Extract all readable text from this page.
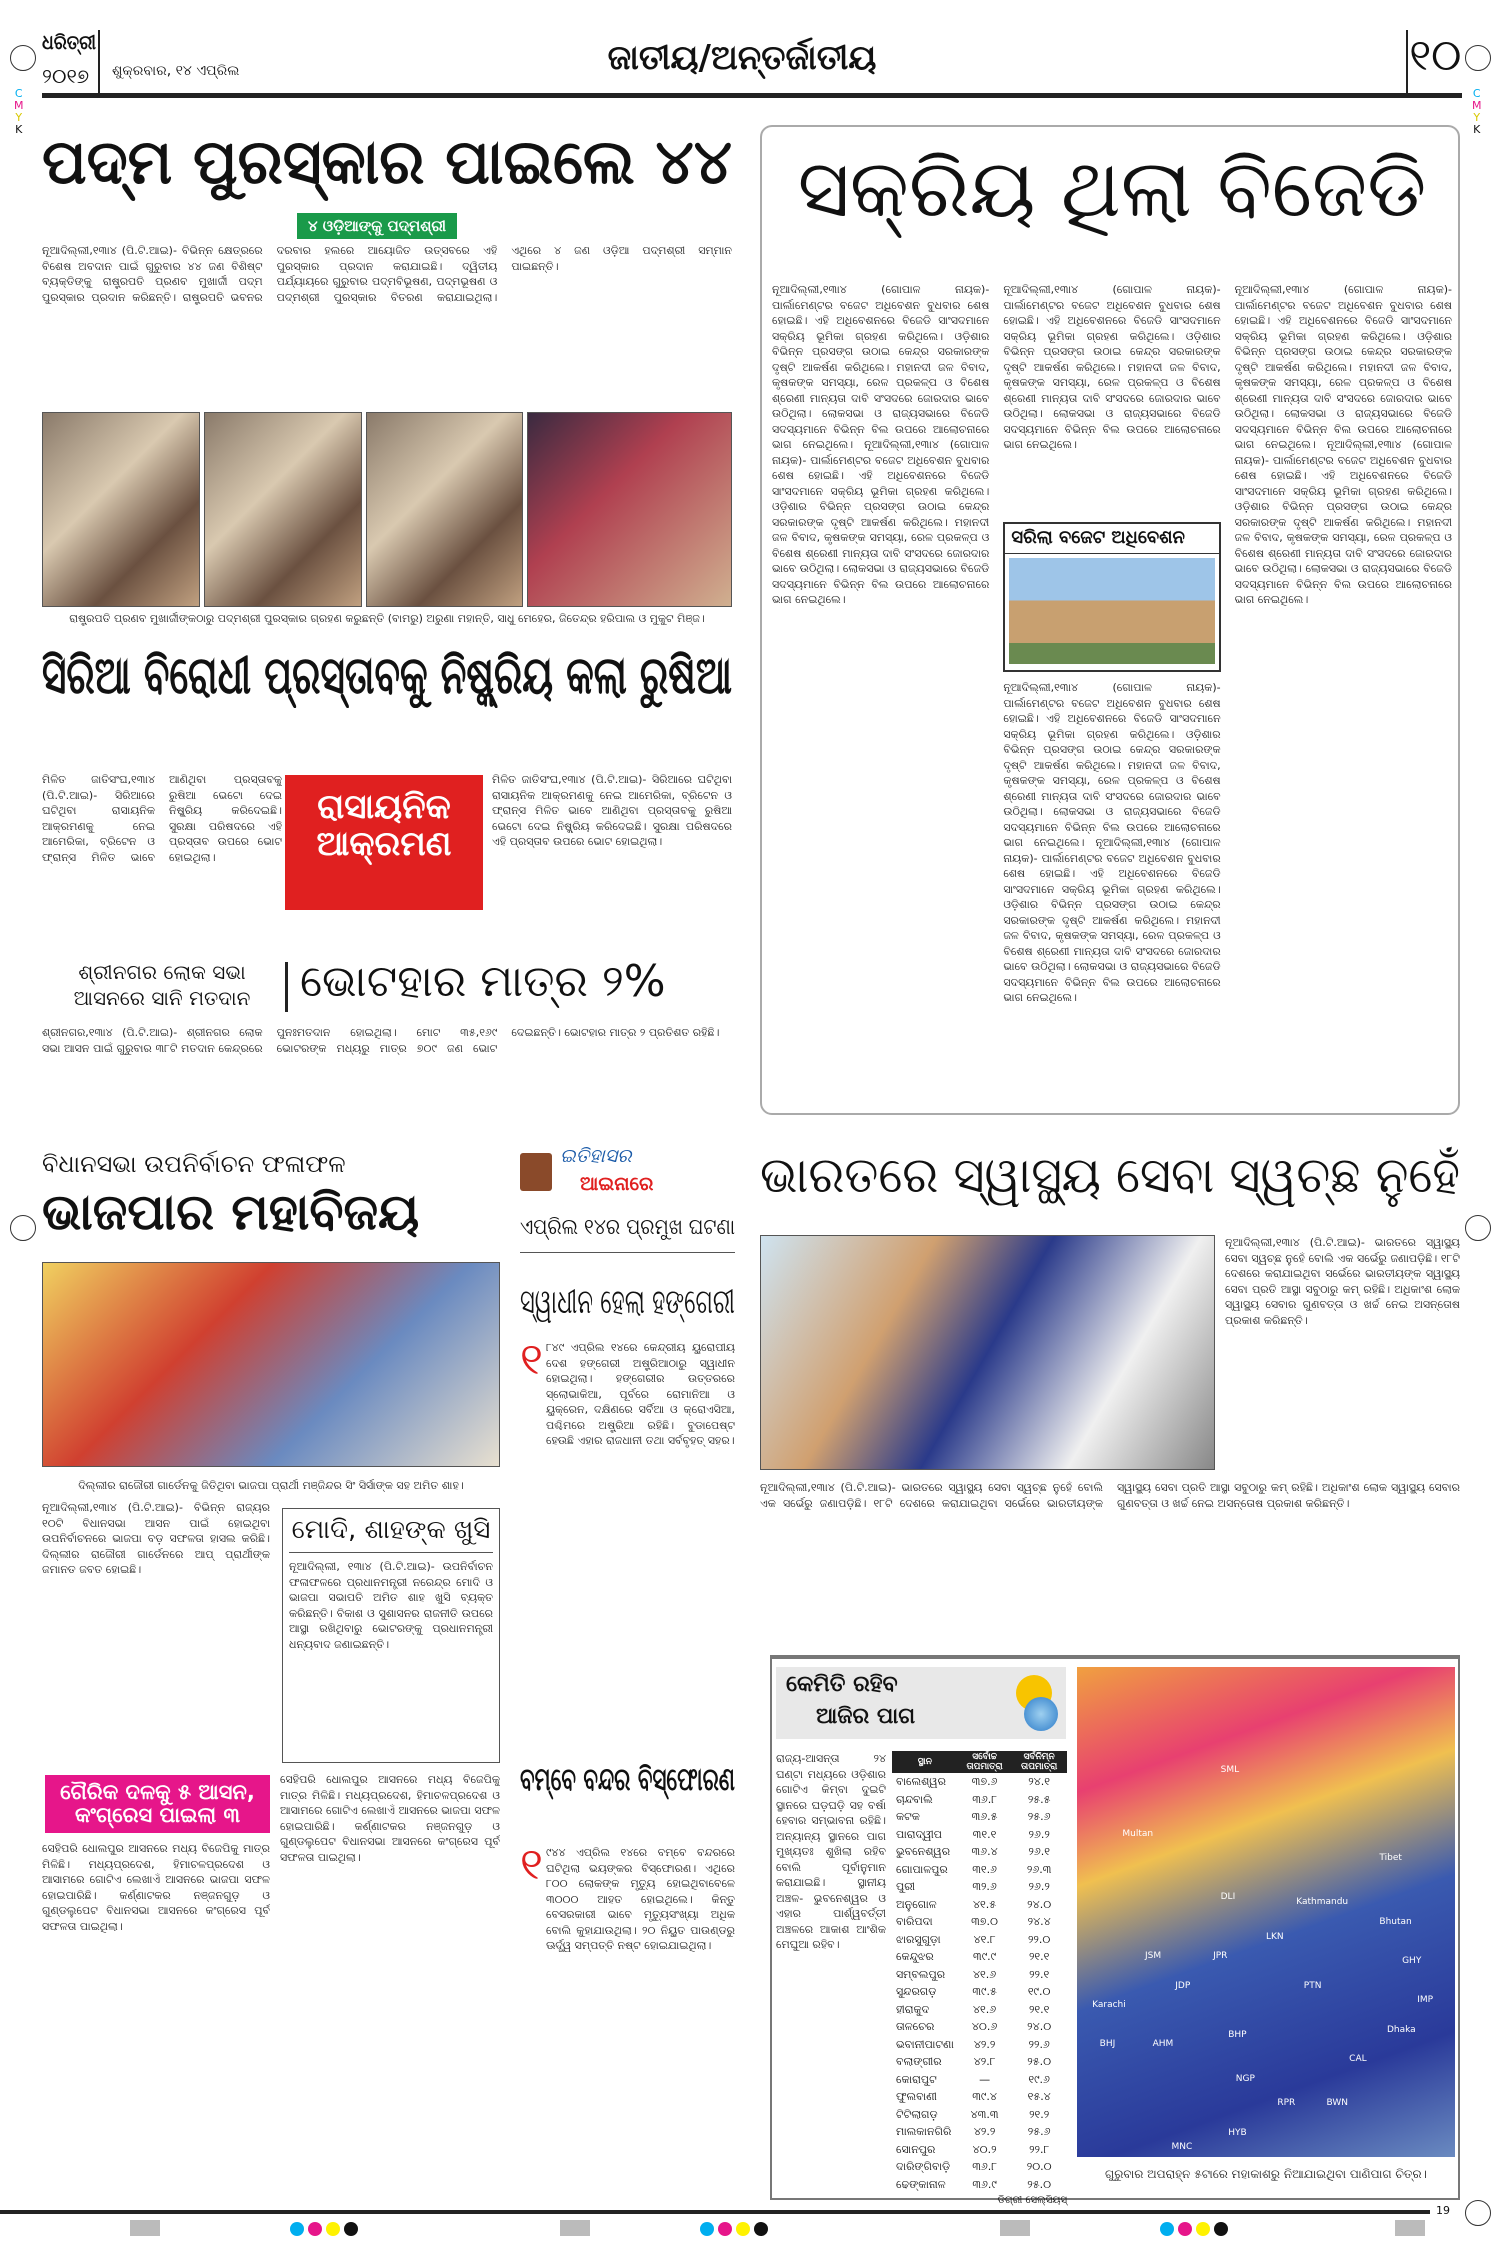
C
M
Y
K
C
M
Y
K
ଧରିତ୍ରୀ
୨୦୧୭	ଶୁକ୍ରବାର, ୧୪ ଏପ୍ରିଲ	ଜାତୀୟ/ଅନ୍ତର୍ଜାତୀୟ	୧୦
ପଦ୍ମ ପୁରସ୍କାର ପାଇଲେ ୪୪
୪ ଓଡ଼ିଆଙ୍କୁ ପଦ୍ମଶ୍ରୀ
ନୂଆଦିଲ୍ଲୀ,୧୩ା୪ (ପି.ଟି.ଆଇ)- ବିଭିନ୍ନ କ୍ଷେତ୍ରରେ ବିଶେଷ ଅବଦାନ ପାଇଁ ଗୁରୁବାର ୪୪ ଜଣ ବିଶିଷ୍ଟ ବ୍ୟକ୍ତିଙ୍କୁ ରାଷ୍ଟ୍ରପତି ପ୍ରଣବ ମୁଖାର୍ଜୀ ପଦ୍ମ ପୁରସ୍କାର ପ୍ରଦାନ କରିଛନ୍ତି। ରାଷ୍ଟ୍ରପତି ଭବନର ଦରବାର ହଲରେ ଆୟୋଜିତ ଉତ୍ସବରେ ଏହି ପୁରସ୍କାର ପ୍ରଦାନ କରାଯାଇଛି। ଦ୍ୱିତୀୟ ପର୍ଯ୍ୟାୟରେ ଗୁରୁବାର ପଦ୍ମବିଭୂଷଣ, ପଦ୍ମଭୂଷଣ ଓ ପଦ୍ମଶ୍ରୀ ପୁରସ୍କାର ବିତରଣ କରାଯାଇଥିଲା। ଏଥିରେ ୪ ଜଣ ଓଡ଼ିଆ ପଦ୍ମଶ୍ରୀ ସମ୍ମାନ ପାଇଛନ୍ତି।
ରାଷ୍ଟ୍ରପତି ପ୍ରଣବ ମୁଖାର୍ଜୀଙ୍କଠାରୁ ପଦ୍ମଶ୍ରୀ ପୁରସ୍କାର ଗ୍ରହଣ କରୁଛନ୍ତି (ବାମରୁ) ଅରୁଣା ମହାନ୍ତି, ସାଧୁ ମେହେର, ଜିତେନ୍ଦ୍ର ହରିପାଲ ଓ ମୁକୁଟ ମିଞ୍ଜ।
ସିରିଆ ବିରୋଧୀ ପ୍ରସ୍ତାବକୁ ନିଷ୍କ୍ରିୟ କଲା ରୁଷିଆ
ମିଳିତ ଜାତିସଂଘ,୧୩ା୪ (ପି.ଟି.ଆଇ)- ସିରିଆରେ ଘଟିଥିବା ରାସାୟନିକ ଆକ୍ରମଣକୁ ନେଇ ଆମେରିକା, ବ୍ରିଟେନ ଓ ଫ୍ରାନ୍ସ ମିଳିତ ଭାବେ ଆଣିଥିବା ପ୍ରସ୍ତାବକୁ ରୁଷିଆ ଭେଟୋ ଦେଇ ନିଷ୍କ୍ରିୟ କରିଦେଇଛି। ସୁରକ୍ଷା ପରିଷଦରେ ଏହି ପ୍ରସ୍ତାବ ଉପରେ ଭୋଟ ହୋଇଥିଲା।
ରାସାୟନିକ ଆକ୍ରମଣ
ମିଳିତ ଜାତିସଂଘ,୧୩ା୪ (ପି.ଟି.ଆଇ)- ସିରିଆରେ ଘଟିଥିବା ରାସାୟନିକ ଆକ୍ରମଣକୁ ନେଇ ଆମେରିକା, ବ୍ରିଟେନ ଓ ଫ୍ରାନ୍ସ ମିଳିତ ଭାବେ ଆଣିଥିବା ପ୍ରସ୍ତାବକୁ ରୁଷିଆ ଭେଟୋ ଦେଇ ନିଷ୍କ୍ରିୟ କରିଦେଇଛି। ସୁରକ୍ଷା ପରିଷଦରେ ଏହି ପ୍ରସ୍ତାବ ଉପରେ ଭୋଟ ହୋଇଥିଲା।
ଶ୍ରୀନଗର ଲୋକ ସଭା
ଆସନରେ ସାନି ମତଦାନ	ଭୋଟହାର ମାତ୍ର ୨%
ଶ୍ରୀନଗର,୧୩ା୪ (ପି.ଟି.ଆଇ)- ଶ୍ରୀନଗର ଲୋକ ସଭା ଆସନ ପାଇଁ ଗୁରୁବାର ୩୮ଟି ମତଦାନ କେନ୍ଦ୍ରରେ ପୁନଃମତଦାନ ହୋଇଥିଲା। ମୋଟ ୩୫,୧୬୯ ଭୋଟରଙ୍କ ମଧ୍ୟରୁ ମାତ୍ର ୭୦୯ ଜଣ ଭୋଟ ଦେଇଛନ୍ତି। ଭୋଟହାର ମାତ୍ର ୨ ପ୍ରତିଶତ ରହିଛି।
ସକ୍ରିୟ ଥିଲା ବିଜେଡି
ନୂଆଦିଲ୍ଲୀ,୧୩ା୪ (ଗୋପାଳ ନାୟକ)- ପାର୍ଲାମେଣ୍ଟର ବଜେଟ ଅଧିବେଶନ ବୁଧବାର ଶେଷ ହୋଇଛି। ଏହି ଅଧିବେଶନରେ ବିଜେଡି ସାଂସଦମାନେ ସକ୍ରିୟ ଭୂମିକା ଗ୍ରହଣ କରିଥିଲେ। ଓଡ଼ିଶାର ବିଭିନ୍ନ ପ୍ରସଙ୍ଗ ଉଠାଇ କେନ୍ଦ୍ର ସରକାରଙ୍କ ଦୃଷ୍ଟି ଆକର୍ଷଣ କରିଥିଲେ। ମହାନଦୀ ଜଳ ବିବାଦ, କୃଷକଙ୍କ ସମସ୍ୟା, ରେଳ ପ୍ରକଳ୍ପ ଓ ବିଶେଷ ଶ୍ରେଣୀ ମାନ୍ୟତା ଦାବି ସଂସଦରେ ଜୋରଦାର ଭାବେ ଉଠିଥିଲା। ଲୋକସଭା ଓ ରାଜ୍ୟସଭାରେ ବିଜେଡି ସଦସ୍ୟମାନେ ବିଭିନ୍ନ ବିଲ ଉପରେ ଆଲୋଚନାରେ ଭାଗ ନେଇଥିଲେ। ନୂଆଦିଲ୍ଲୀ,୧୩ା୪ (ଗୋପାଳ ନାୟକ)- ପାର୍ଲାମେଣ୍ଟର ବଜେଟ ଅଧିବେଶନ ବୁଧବାର ଶେଷ ହୋଇଛି। ଏହି ଅଧିବେଶନରେ ବିଜେଡି ସାଂସଦମାନେ ସକ୍ରିୟ ଭୂମିକା ଗ୍ରହଣ କରିଥିଲେ। ଓଡ଼ିଶାର ବିଭିନ୍ନ ପ୍ରସଙ୍ଗ ଉଠାଇ କେନ୍ଦ୍ର ସରକାରଙ୍କ ଦୃଷ୍ଟି ଆକର୍ଷଣ କରିଥିଲେ। ମହାନଦୀ ଜଳ ବିବାଦ, କୃଷକଙ୍କ ସମସ୍ୟା, ରେଳ ପ୍ରକଳ୍ପ ଓ ବିଶେଷ ଶ୍ରେଣୀ ମାନ୍ୟତା ଦାବି ସଂସଦରେ ଜୋରଦାର ଭାବେ ଉଠିଥିଲା। ଲୋକସଭା ଓ ରାଜ୍ୟସଭାରେ ବିଜେଡି ସଦସ୍ୟମାନେ ବିଭିନ୍ନ ବିଲ ଉପରେ ଆଲୋଚନାରେ ଭାଗ ନେଇଥିଲେ।
ନୂଆଦିଲ୍ଲୀ,୧୩ା୪ (ଗୋପାଳ ନାୟକ)- ପାର୍ଲାମେଣ୍ଟର ବଜେଟ ଅଧିବେଶନ ବୁଧବାର ଶେଷ ହୋଇଛି। ଏହି ଅଧିବେଶନରେ ବିଜେଡି ସାଂସଦମାନେ ସକ୍ରିୟ ଭୂମିକା ଗ୍ରହଣ କରିଥିଲେ। ଓଡ଼ିଶାର ବିଭିନ୍ନ ପ୍ରସଙ୍ଗ ଉଠାଇ କେନ୍ଦ୍ର ସରକାରଙ୍କ ଦୃଷ୍ଟି ଆକର୍ଷଣ କରିଥିଲେ। ମହାନଦୀ ଜଳ ବିବାଦ, କୃଷକଙ୍କ ସମସ୍ୟା, ରେଳ ପ୍ରକଳ୍ପ ଓ ବିଶେଷ ଶ୍ରେଣୀ ମାନ୍ୟତା ଦାବି ସଂସଦରେ ଜୋରଦାର ଭାବେ ଉଠିଥିଲା। ଲୋକସଭା ଓ ରାଜ୍ୟସଭାରେ ବିଜେଡି ସଦସ୍ୟମାନେ ବିଭିନ୍ନ ବିଲ ଉପରେ ଆଲୋଚନାରେ ଭାଗ ନେଇଥିଲେ।
ସରିଲା ବଜେଟ ଅଧିବେଶନ
ନୂଆଦିଲ୍ଲୀ,୧୩ା୪ (ଗୋପାଳ ନାୟକ)- ପାର୍ଲାମେଣ୍ଟର ବଜେଟ ଅଧିବେଶନ ବୁଧବାର ଶେଷ ହୋଇଛି। ଏହି ଅଧିବେଶନରେ ବିଜେଡି ସାଂସଦମାନେ ସକ୍ରିୟ ଭୂମିକା ଗ୍ରହଣ କରିଥିଲେ। ଓଡ଼ିଶାର ବିଭିନ୍ନ ପ୍ରସଙ୍ଗ ଉଠାଇ କେନ୍ଦ୍ର ସରକାରଙ୍କ ଦୃଷ୍ଟି ଆକର୍ଷଣ କରିଥିଲେ। ମହାନଦୀ ଜଳ ବିବାଦ, କୃଷକଙ୍କ ସମସ୍ୟା, ରେଳ ପ୍ରକଳ୍ପ ଓ ବିଶେଷ ଶ୍ରେଣୀ ମାନ୍ୟତା ଦାବି ସଂସଦରେ ଜୋରଦାର ଭାବେ ଉଠିଥିଲା। ଲୋକସଭା ଓ ରାଜ୍ୟସଭାରେ ବିଜେଡି ସଦସ୍ୟମାନେ ବିଭିନ୍ନ ବିଲ ଉପରେ ଆଲୋଚନାରେ ଭାଗ ନେଇଥିଲେ। ନୂଆଦିଲ୍ଲୀ,୧୩ା୪ (ଗୋପାଳ ନାୟକ)- ପାର୍ଲାମେଣ୍ଟର ବଜେଟ ଅଧିବେଶନ ବୁଧବାର ଶେଷ ହୋଇଛି। ଏହି ଅଧିବେଶନରେ ବିଜେଡି ସାଂସଦମାନେ ସକ୍ରିୟ ଭୂମିକା ଗ୍ରହଣ କରିଥିଲେ। ଓଡ଼ିଶାର ବିଭିନ୍ନ ପ୍ରସଙ୍ଗ ଉଠାଇ କେନ୍ଦ୍ର ସରକାରଙ୍କ ଦୃଷ୍ଟି ଆକର୍ଷଣ କରିଥିଲେ। ମହାନଦୀ ଜଳ ବିବାଦ, କୃଷକଙ୍କ ସମସ୍ୟା, ରେଳ ପ୍ରକଳ୍ପ ଓ ବିଶେଷ ଶ୍ରେଣୀ ମାନ୍ୟତା ଦାବି ସଂସଦରେ ଜୋରଦାର ଭାବେ ଉଠିଥିଲା। ଲୋକସଭା ଓ ରାଜ୍ୟସଭାରେ ବିଜେଡି ସଦସ୍ୟମାନେ ବିଭିନ୍ନ ବିଲ ଉପରେ ଆଲୋଚନାରେ ଭାଗ ନେଇଥିଲେ।
ନୂଆଦିଲ୍ଲୀ,୧୩ା୪ (ଗୋପାଳ ନାୟକ)- ପାର୍ଲାମେଣ୍ଟର ବଜେଟ ଅଧିବେଶନ ବୁଧବାର ଶେଷ ହୋଇଛି। ଏହି ଅଧିବେଶନରେ ବିଜେଡି ସାଂସଦମାନେ ସକ୍ରିୟ ଭୂମିକା ଗ୍ରହଣ କରିଥିଲେ। ଓଡ଼ିଶାର ବିଭିନ୍ନ ପ୍ରସଙ୍ଗ ଉଠାଇ କେନ୍ଦ୍ର ସରକାରଙ୍କ ଦୃଷ୍ଟି ଆକର୍ଷଣ କରିଥିଲେ। ମହାନଦୀ ଜଳ ବିବାଦ, କୃଷକଙ୍କ ସମସ୍ୟା, ରେଳ ପ୍ରକଳ୍ପ ଓ ବିଶେଷ ଶ୍ରେଣୀ ମାନ୍ୟତା ଦାବି ସଂସଦରେ ଜୋରଦାର ଭାବେ ଉଠିଥିଲା। ଲୋକସଭା ଓ ରାଜ୍ୟସଭାରେ ବିଜେଡି ସଦସ୍ୟମାନେ ବିଭିନ୍ନ ବିଲ ଉପରେ ଆଲୋଚନାରେ ଭାଗ ନେଇଥିଲେ। ନୂଆଦିଲ୍ଲୀ,୧୩ା୪ (ଗୋପାଳ ନାୟକ)- ପାର୍ଲାମେଣ୍ଟର ବଜେଟ ଅଧିବେଶନ ବୁଧବାର ଶେଷ ହୋଇଛି। ଏହି ଅଧିବେଶନରେ ବିଜେଡି ସାଂସଦମାନେ ସକ୍ରିୟ ଭୂମିକା ଗ୍ରହଣ କରିଥିଲେ। ଓଡ଼ିଶାର ବିଭିନ୍ନ ପ୍ରସଙ୍ଗ ଉଠାଇ କେନ୍ଦ୍ର ସରକାରଙ୍କ ଦୃଷ୍ଟି ଆକର୍ଷଣ କରିଥିଲେ। ମହାନଦୀ ଜଳ ବିବାଦ, କୃଷକଙ୍କ ସମସ୍ୟା, ରେଳ ପ୍ରକଳ୍ପ ଓ ବିଶେଷ ଶ୍ରେଣୀ ମାନ୍ୟତା ଦାବି ସଂସଦରେ ଜୋରଦାର ଭାବେ ଉଠିଥିଲା। ଲୋକସଭା ଓ ରାଜ୍ୟସଭାରେ ବିଜେଡି ସଦସ୍ୟମାନେ ବିଭିନ୍ନ ବିଲ ଉପରେ ଆଲୋଚନାରେ ଭାଗ ନେଇଥିଲେ।
ବିଧାନସଭା ଉପନିର୍ବାଚନ ଫଳାଫଳ
ଭାଜପାର ମହାବିଜୟ
ଦିଲ୍ଲୀର ରାଜୌରୀ ଗାର୍ଡେନକୁ ଜିତିଥିବା ଭାଜପା ପ୍ରାର୍ଥୀ ମଞ୍ଜିନ୍ଦର ସିଂ ସିର୍ସାଙ୍କ ସହ ଅମିତ ଶାହ।
ନୂଆଦିଲ୍ଲୀ,୧୩ା୪ (ପି.ଟି.ଆଇ)- ବିଭିନ୍ନ ରାଜ୍ୟର ୧୦ଟି ବିଧାନସଭା ଆସନ ପାଇଁ ହୋଇଥିବା ଉପନିର୍ବାଚନରେ ଭାଜପା ବଡ଼ ସଫଳତା ହାସଲ କରିଛି। ଦିଲ୍ଲୀର ରାଜୌରୀ ଗାର୍ଡେନରେ ଆପ୍ ପ୍ରାର୍ଥୀଙ୍କ ଜମାନତ ଜବତ ହୋଇଛି।
ମୋଦି, ଶାହଙ୍କ ଖୁସି
ନୂଆଦିଲ୍ଲୀ, ୧୩ା୪ (ପି.ଟି.ଆଇ)- ଉପନିର୍ବାଚନ ଫଳାଫଳରେ ପ୍ରଧାନମନ୍ତ୍ରୀ ନରେନ୍ଦ୍ର ମୋଦି ଓ ଭାଜପା ସଭାପତି ଅମିତ ଶାହ ଖୁସି ବ୍ୟକ୍ତ କରିଛନ୍ତି। ବିକାଶ ଓ ସୁଶାସନର ରାଜନୀତି ଉପରେ ଆସ୍ଥା ରଖିଥିବାରୁ ଭୋଟରଙ୍କୁ ପ୍ରଧାନମନ୍ତ୍ରୀ ଧନ୍ୟବାଦ ଜଣାଇଛନ୍ତି।
ଗୈରିକ ଦଳକୁ ୫ ଆସନ, କଂଗ୍ରେସ ପାଇଲା ୩
ସେହିପରି ଧୋଲପୁର ଆସନରେ ମଧ୍ୟ ବିଜେପିକୁ ମାତ୍ର ମିଳିଛି। ମଧ୍ୟପ୍ରଦେଶ, ହିମାଚଳପ୍ରଦେଶ ଓ ଆସାମରେ ଗୋଟିଏ ଲେଖାଏଁ ଆସନରେ ଭାଜପା ସଫଳ ହୋଇପାରିଛି। କର୍ଣ୍ଣାଟକର ନଞ୍ଜନଗୁଡ଼ ଓ ଗୁଣ୍ଡଲୁପେଟ ବିଧାନସଭା ଆସନରେ କଂଗ୍ରେସ ପୂର୍ବ ସଫଳତା ପାଇଥିଲା।
ସେହିପରି ଧୋଲପୁର ଆସନରେ ମଧ୍ୟ ବିଜେପିକୁ ମାତ୍ର ମିଳିଛି। ମଧ୍ୟପ୍ରଦେଶ, ହିମାଚଳପ୍ରଦେଶ ଓ ଆସାମରେ ଗୋଟିଏ ଲେଖାଏଁ ଆସନରେ ଭାଜପା ସଫଳ ହୋଇପାରିଛି। କର୍ଣ୍ଣାଟକର ନଞ୍ଜନଗୁଡ଼ ଓ ଗୁଣ୍ଡଲୁପେଟ ବିଧାନସଭା ଆସନରେ କଂଗ୍ରେସ ପୂର୍ବ ସଫଳତା ପାଇଥିଲା।
ଇତିହାସର
ଆଇନାରେ
ଏପ୍ରିଲ ୧୪ର ପ୍ରମୁଖ ଘଟଣା
ସ୍ୱାଧୀନ ହେଲା ହଙ୍ଗେରୀ
୧ ୮୪୯ ଏପ୍ରିଲ ୧୪ରେ କେନ୍ଦ୍ରୀୟ ୟୁରୋପୀୟ ଦେଶ ହଙ୍ଗେରୀ ଅଷ୍ଟ୍ରିଆଠାରୁ ସ୍ୱାଧୀନ ହୋଇଥିଲା। ହଙ୍ଗେରୀର ଉତ୍ତରରେ ସ୍ଲୋଭାକିଆ, ପୂର୍ବରେ ରୋମାନିଆ ଓ ୟୁକ୍ରେନ, ଦକ୍ଷିଣରେ ସର୍ବିଆ ଓ କ୍ରୋଏସିଆ, ପଶ୍ଚିମରେ ଅଷ୍ଟ୍ରିଆ ରହିଛି। ବୁଡାପେଷ୍ଟ ହେଉଛି ଏହାର ରାଜଧାନୀ ତଥା ସର୍ବବୃହତ୍ ସହର।
ବମ୍ବେ ବନ୍ଦର ବିସ୍ଫୋରଣ
୧ ୯୪୪ ଏପ୍ରିଲ ୧୪ରେ ବମ୍ବେ ବନ୍ଦରରେ ଘଟିଥିଲା ଭୟଙ୍କର ବିସ୍ଫୋରଣ। ଏଥିରେ ୮୦୦ ଲୋକଙ୍କ ମୃତ୍ୟୁ ହୋଇଥିବାବେଳେ ୩୦୦୦ ଆହତ ହୋଇଥିଲେ। କିନ୍ତୁ ବେସରକାରୀ ଭାବେ ମୃତ୍ୟୁସଂଖ୍ୟା ଅଧିକ ବୋଲି କୁହାଯାଉଥିଲା। ୨୦ ନିୟୁତ ପାଉଣ୍ଡରୁ ଊର୍ଦ୍ଧ୍ୱ ସମ୍ପତ୍ତି ନଷ୍ଟ ହୋଇଯାଇଥିଲା।
ଭାରତରେ ସ୍ୱାସ୍ଥ୍ୟ ସେବା ସ୍ୱଚ୍ଛ ନୁହେଁ
ନୂଆଦିଲ୍ଲୀ,୧୩ା୪ (ପି.ଟି.ଆଇ)- ଭାରତରେ ସ୍ୱାସ୍ଥ୍ୟ ସେବା ସ୍ୱଚ୍ଛ ନୁହେଁ ବୋଲି ଏକ ସର୍ଭେରୁ ଜଣାପଡ଼ିଛି। ୧୮ଟି ଦେଶରେ କରାଯାଇଥିବା ସର୍ଭେରେ ଭାରତୀୟଙ୍କ ସ୍ୱାସ୍ଥ୍ୟ ସେବା ପ୍ରତି ଆସ୍ଥା ସବୁଠାରୁ କମ୍ ରହିଛି। ଅଧିକାଂଶ ଲୋକ ସ୍ୱାସ୍ଥ୍ୟ ସେବାର ଗୁଣବତ୍ତା ଓ ଖର୍ଚ୍ଚ ନେଇ ଅସନ୍ତୋଷ ପ୍ରକାଶ କରିଛନ୍ତି।
ନୂଆଦିଲ୍ଲୀ,୧୩ା୪ (ପି.ଟି.ଆଇ)- ଭାରତରେ ସ୍ୱାସ୍ଥ୍ୟ ସେବା ସ୍ୱଚ୍ଛ ନୁହେଁ ବୋଲି ଏକ ସର୍ଭେରୁ ଜଣାପଡ଼ିଛି। ୧୮ଟି ଦେଶରେ କରାଯାଇଥିବା ସର୍ଭେରେ ଭାରତୀୟଙ୍କ ସ୍ୱାସ୍ଥ୍ୟ ସେବା ପ୍ରତି ଆସ୍ଥା ସବୁଠାରୁ କମ୍ ରହିଛି। ଅଧିକାଂଶ ଲୋକ ସ୍ୱାସ୍ଥ୍ୟ ସେବାର ଗୁଣବତ୍ତା ଓ ଖର୍ଚ୍ଚ ନେଇ ଅସନ୍ତୋଷ ପ୍ରକାଶ କରିଛନ୍ତି।
କେମିତି ରହିବ
ଆଜିର ପାଗ
ରାଜ୍ୟ-ଆସନ୍ତା ୨୪ ଘଣ୍ଟା ମଧ୍ୟରେ ଓଡ଼ିଶାର ଗୋଟିଏ କିମ୍ବା ଦୁଇଟି ସ୍ଥାନରେ ଘଡ଼ଘଡ଼ି ସହ ବର୍ଷା ହେବାର ସମ୍ଭାବନା ରହିଛି। ଅନ୍ୟାନ୍ୟ ସ୍ଥାନରେ ପାଗ ମୁଖ୍ୟତଃ ଶୁଖିଲା ରହିବ ବୋଲି ପୂର୍ବାନୁମାନ କରାଯାଇଛି। ସ୍ଥାନୀୟ ଅଞ୍ଚଳ- ଭୁବନେଶ୍ୱର ଓ ଏହାର ପାର୍ଶ୍ୱବର୍ତ୍ତୀ ଅଞ୍ଚଳରେ ଆକାଶ ଆଂଶିକ ମେଘୁଆ ରହିବ।
ସ୍ଥାନ	ସର୍ବୋଚ୍ଚ ତାପମାତ୍ରା	ସର୍ବନିମ୍ନ ତାପମାତ୍ରା
ବାଲେଶ୍ୱର	୩୭.୬	୨୪.୧
ଚାନ୍ଦବାଲି	୩୬.୮	୨୫.୫
କଟକ	୩୬.୫	୨୫.୬
ପାରାଦ୍ୱୀପ	୩୧.୧	୨୬.୨
ଭୁବନେଶ୍ୱର	୩୬.୪	୨୬.୧
ଗୋପାଳପୁର	୩୧.୬	୨୬.୩
ପୁରୀ	୩୨.୬	୨୬.୨
ଅନୁଗୋଳ	୪୧.୫	୨୪.୦
ବାରିପଦା	୩୭.୦	୨୪.୪
ଝାରସୁଗୁଡ଼ା	୪୧.୮	୨୨.୦
କେନ୍ଦୁଝର	୩୯.୯	୨୧.୧
ସମ୍ବଲପୁର	୪୧.୬	୨୨.୧
ସୁନ୍ଦରଗଡ଼	୩୯.୫	୧୯.୦
ହୀରାକୁଦ	୪୧.୬	୨୧.୧
ତାଳଚେର	୪୦.୬	୨୪.୦
ଭବାନୀପାଟଣା	୪୨.୨	୨୨.୬
ବଲାଙ୍ଗୀର	୪୨.୮	୨୫.୦
କୋରାପୁଟ	—	୧୯.୬
ଫୁଲବାଣୀ	୩୯.୪	୧୫.୪
ଟିଟିଲାଗଡ଼	୪୩.୩	୨୧.୨
ମାଲକାନଗିରି	୪୨.୨	୨୫.୬
ସୋନପୁର	୪୦.୨	୨୨.୮
ଦାରିଙ୍ଗିବାଡ଼ି	୩୬.୮	୨୦.୦
ଢେଙ୍କାନାଳ	୩୬.୯	୨୫.୦
ଡିଗ୍ରୀ ସେଲ୍‌ସିୟସ୍‌
SML
Multan
DLI
JSM
JDP
JPR
LKN
Kathmandu
Bhutan
Tibet
Karachi
BHJ	AHM
BHP
PTN
GHY
IMP
Dhaka
CAL
RPR	BWN
NGP
HYB
MNC
ଗୁରୁବାର ଅପରାହ୍ନ ୫ଟାରେ ମହାକାଶରୁ ନିଆଯାଇଥିବା ପାଣିପାଗ ଚିତ୍ର।
19
